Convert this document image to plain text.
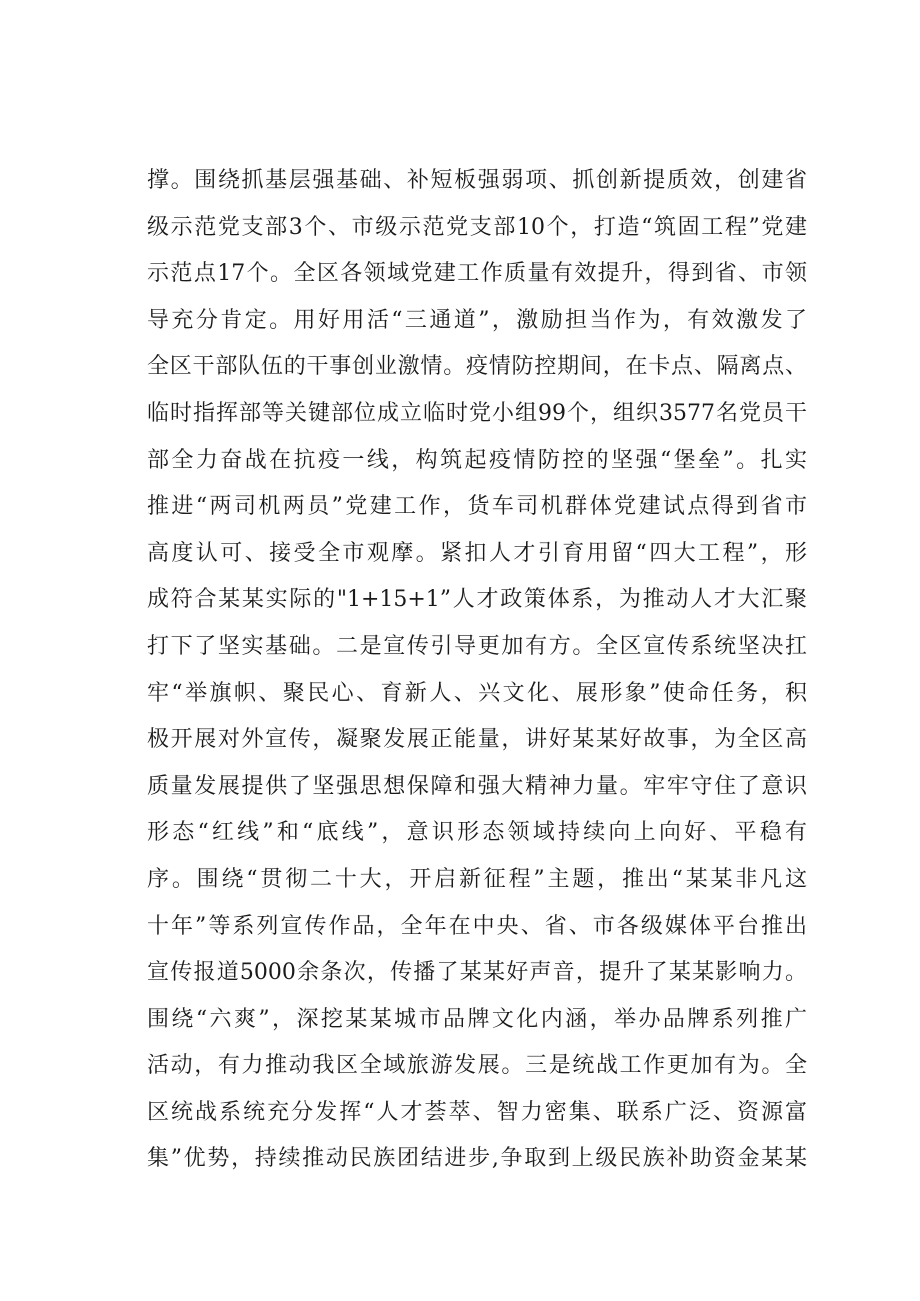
撑。围绕抓基层强基础、补短板强弱项、抓创新提质效，创建省
级示范党支部3个、市级示范党支部10个，打造“筑固工程”党建
示范点17个。全区各领域党建工作质量有效提升，得到省、市领
导充分肯定。用好用活“三通道”，激励担当作为，有效激发了
全区干部队伍的干事创业激情。疫情防控期间，在卡点、隔离点、
临时指挥部等关键部位成立临时党小组99个，组织3577名党员干
部全力奋战在抗疫一线，构筑起疫情防控的坚强“堡垒”。扎实
推进“两司机两员”党建工作，货车司机群体党建试点得到省市
高度认可、接受全市观摩。紧扣人才引育用留“四大工程”，形
成符合某某实际的"1+15+1”人才政策体系，为推动人才大汇聚
打下了坚实基础。二是宣传引导更加有方。全区宣传系统坚决扛
牢“举旗帜、聚民心、育新人、兴文化、展形象”使命任务，积
极开展对外宣传，凝聚发展正能量，讲好某某好故事，为全区高
质量发展提供了坚强思想保障和强大精神力量。牢牢守住了意识
形态“红线”和“底线”，意识形态领域持续向上向好、平稳有
序。围绕“贯彻二十大，开启新征程”主题，推出“某某非凡这
十年”等系列宣传作品，全年在中央、省、市各级媒体平台推出
宣传报道5000余条次，传播了某某好声音，提升了某某影响力。
围绕“六爽”，深挖某某城市品牌文化内涵，举办品牌系列推广
活动，有力推动我区全域旅游发展。三是统战工作更加有为。全
区统战系统充分发挥“人才荟萃、智力密集、联系广泛、资源富
集”优势，持续推动民族团结进步,争取到上级民族补助资金某某
